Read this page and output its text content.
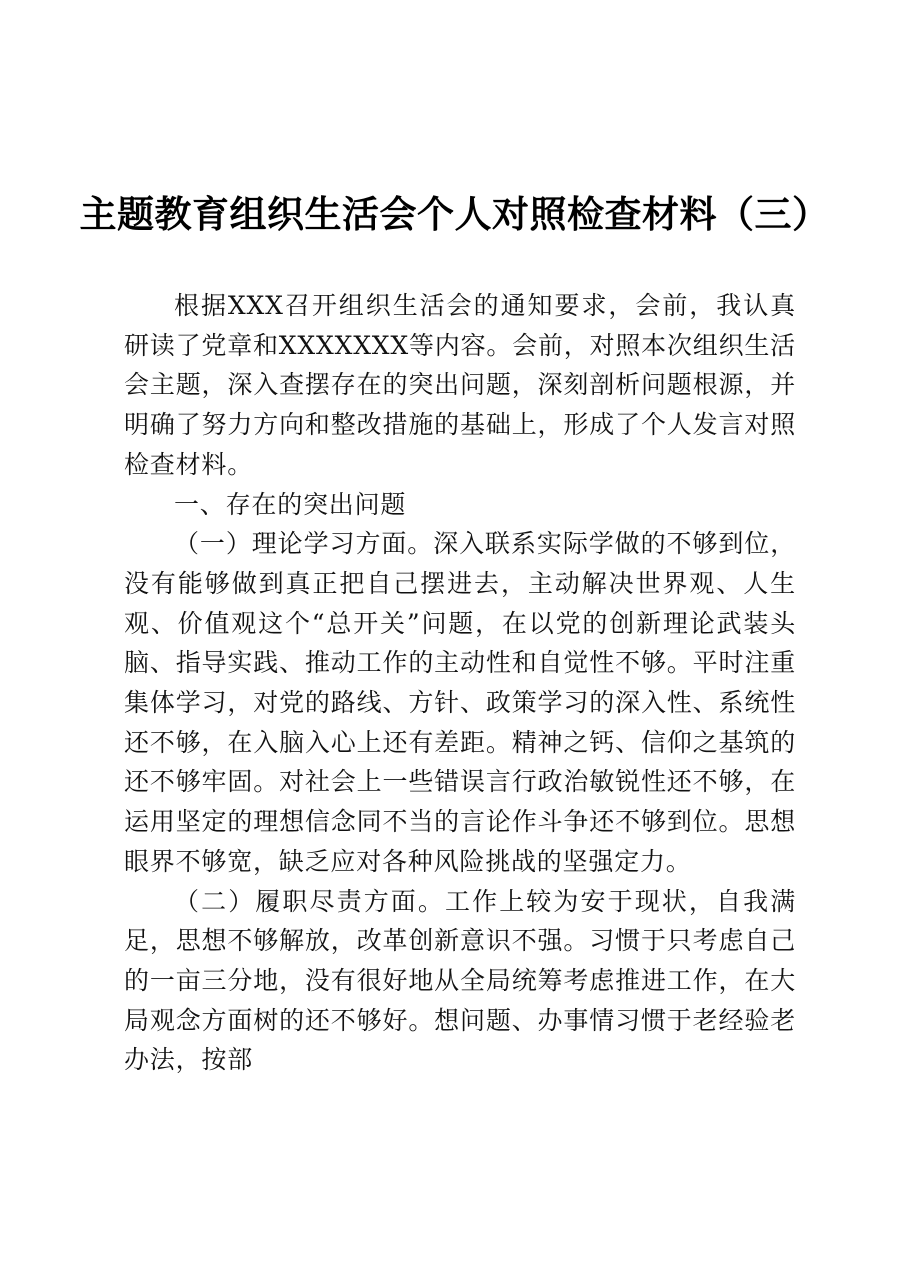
主题教育组织生活会个人对照检查材料（三）

根据XXX召开组织生活会的通知要求，会前，我认真研读了党章和XXXXXXX等内容。会前，对照本次组织生活会主题，深入查摆存在的突出问题，深刻剖析问题根源，并明确了努力方向和整改措施的基础上，形成了个人发言对照检查材料。

一、存在的突出问题

（一）理论学习方面。深入联系实际学做的不够到位，没有能够做到真正把自己摆进去，主动解决世界观、人生观、价值观这个“总开关”问题，在以党的创新理论武装头脑、指导实践、推动工作的主动性和自觉性不够。平时注重集体学习，对党的路线、方针、政策学习的深入性、系统性还不够，在入脑入心上还有差距。精神之钙、信仰之基筑的还不够牢固。对社会上一些错误言行政治敏锐性还不够，在运用坚定的理想信念同不当的言论作斗争还不够到位。思想眼界不够宽，缺乏应对各种风险挑战的坚强定力。

（二）履职尽责方面。工作上较为安于现状，自我满足，思想不够解放，改革创新意识不强。习惯于只考虑自己的一亩三分地，没有很好地从全局统筹考虑推进工作，在大局观念方面树的还不够好。想问题、办事情习惯于老经验老办法，按部
